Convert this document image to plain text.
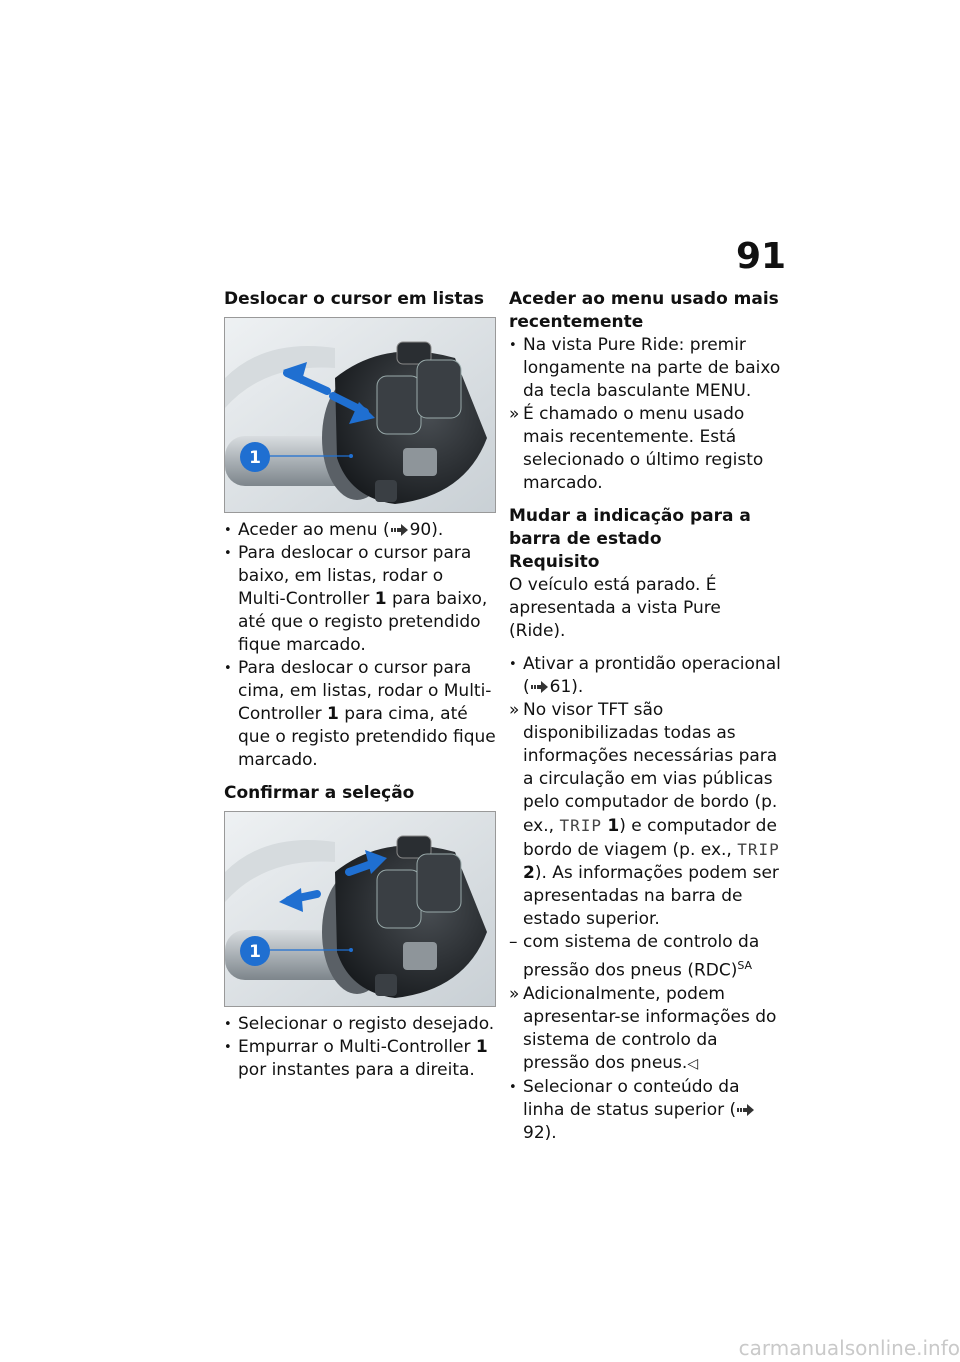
91

Deslocar o cursor em listas

1

• Aceder ao menu ( 90).

• Para deslocar o cursor para baixo, em listas, rodar o Multi-Controller 1 para baixo, até que o registo pretendido fique marcado.

• Para deslocar o cursor para cima, em listas, rodar o Multi-Controller 1 para cima, até que o registo pretendido fique marcado.

Confirmar a seleção

1

• Selecionar o registo desejado.

• Empurrar o Multi-Controller 1 por instantes para a direita.

Aceder ao menu usado mais recentemente

• Na vista Pure Ride: premir longamente na parte de baixo da tecla basculante MENU.

» É chamado o menu usado mais recentemente. Está selecionado o último registo marcado.

Mudar a indicação para a barra de estado

Requisito

O veículo está parado. É apresentada a vista Pure (Ride).

• Ativar a prontidão operacional ( 61).

» No visor TFT são disponibilizadas todas as informações necessárias para a circulação em vias públicas pelo computador de bordo (p. ex., TRIP 1) e computador de bordo de viagem (p. ex., TRIP 2). As informações podem ser apresentadas na barra de estado superior.

– com sistema de controlo da pressão dos pneus (RDC)$^{SA}$

» Adicionalmente, podem apresentar-se informações do sistema de controlo da pressão dos pneus.◁

• Selecionar o conteúdo da linha de status superior (92).

carmanualsonline.info
